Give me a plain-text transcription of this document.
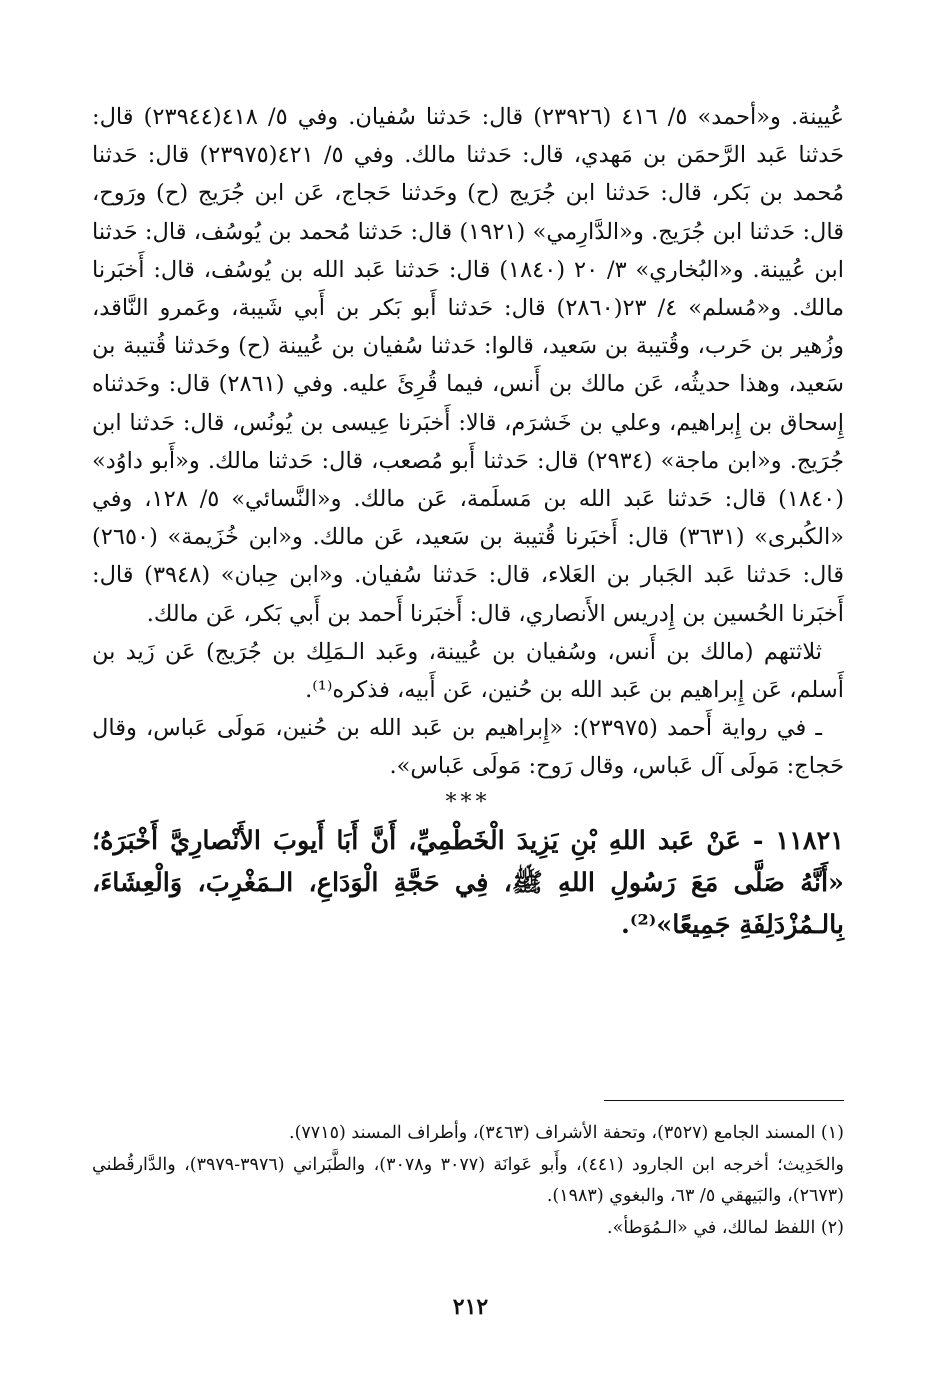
عُيينة. و«أحمد» ٥/ ٤١٦ (٢٣٩٢٦) قال: حَدثنا سُفيان. وفي ٥/ ٤١٨(٢٣٩٤٤) قال: حَدثنا عَبد الرَّحمَن بن مَهدي، قال: حَدثنا مالك. وفي ٥/ ٤٢١(٢٣٩٧٥) قال: حَدثنا مُحمد بن بَكر، قال: حَدثنا ابن جُرَيج (ح) وحَدثنا حَجاج، عَن ابن جُرَيج (ح) ورَوح، قال: حَدثنا ابن جُرَيج. و«الدَّارِمي» (١٩٢١) قال: حَدثنا مُحمد بن يُوسُف، قال: حَدثنا ابن عُيينة. و«البُخاري» ٣/ ٢٠ (١٨٤٠) قال: حَدثنا عَبد الله بن يُوسُف، قال: أَخبَرنا مالك. و«مُسلم» ٤/ ٢٣(٢٨٦٠) قال: حَدثنا أَبو بَكر بن أَبي شَيبة، وعَمرو النَّاقد، وزُهير بن حَرب، وقُتيبة بن سَعيد، قالوا: حَدثنا سُفيان بن عُيينة (ح) وحَدثنا قُتيبة بن سَعيد، وهذا حديثُه، عَن مالك بن أَنس، فيما قُرِئَ عليه. وفي (٢٨٦١) قال: وحَدثناه إِسحاق بن إِبراهيم، وعلي بن خَشرَم، قالا: أَخبَرنا عِيسى بن يُونُس، قال: حَدثنا ابن جُرَيج. و«ابن ماجة» (٢٩٣٤) قال: حَدثنا أَبو مُصعب، قال: حَدثنا مالك. و«أَبو داوُد» (١٨٤٠) قال: حَدثنا عَبد الله بن مَسلَمة، عَن مالك. و«النَّسائي» ٥/ ١٢٨، وفي «الكُبرى» (٣٦٣١) قال: أَخبَرنا قُتيبة بن سَعيد، عَن مالك. و«ابن خُزَيمة» (٢٦٥٠) قال: حَدثنا عَبد الجَبار بن العَلاء، قال: حَدثنا سُفيان. و«ابن حِبان» (٣٩٤٨) قال: أَخبَرنا الحُسين بن إِدريس الأَنصاري، قال: أَخبَرنا أَحمد بن أَبي بَكر، عَن مالك.

ثلاثتهم (مالك بن أَنس، وسُفيان بن عُيينة، وعَبد الـمَلِك بن جُرَيج) عَن زَيد بن أَسلم، عَن إِبراهيم بن عَبد الله بن حُنين، عَن أَبيه، فذكره⁽¹⁾.

ـ في رواية أَحمد (٢٣٩٧٥): «إِبراهيم بن عَبد الله بن حُنين، مَولَى عَباس، وقال حَجاج: مَولَى آل عَباس، وقال رَوح: مَولَى عَباس».

***

١١٨٢١ - عَنْ عَبد اللهِ بْنِ يَزِيدَ الْخَطْمِيِّ، أَنَّ أَبَا أَيوبَ الأَنْصارِيَّ أَخْبَرَهُ؛ «أَنَّهُ صَلَّى مَعَ رَسُولِ اللهِ ﷺ، فِي حَجَّةِ الْوَدَاعِ، الـمَغْرِبَ، وَالْعِشَاءَ، بِالـمُزْدَلِفَةِ جَمِيعًا»⁽²⁾.

(١) المسند الجامع (٣٥٢٧)، وتحفة الأشراف (٣٤٦٣)، وأطراف المسند (٧٧١٥).

والحَدِيث؛ أخرجه ابن الجارود (٤٤١)، وأَبو عَوانَة (٣٠٧٧ و٣٠٧٨)، والطَّبَراني (٣٩٧٦-٣٩٧٩)، والدَّارقُطني (٢٦٧٣)، والبَيهقي ٥/ ٦٣، والبغوي (١٩٨٣).

(٢) اللفظ لمالك، في «الـمُوَطأ».

٢١٢
